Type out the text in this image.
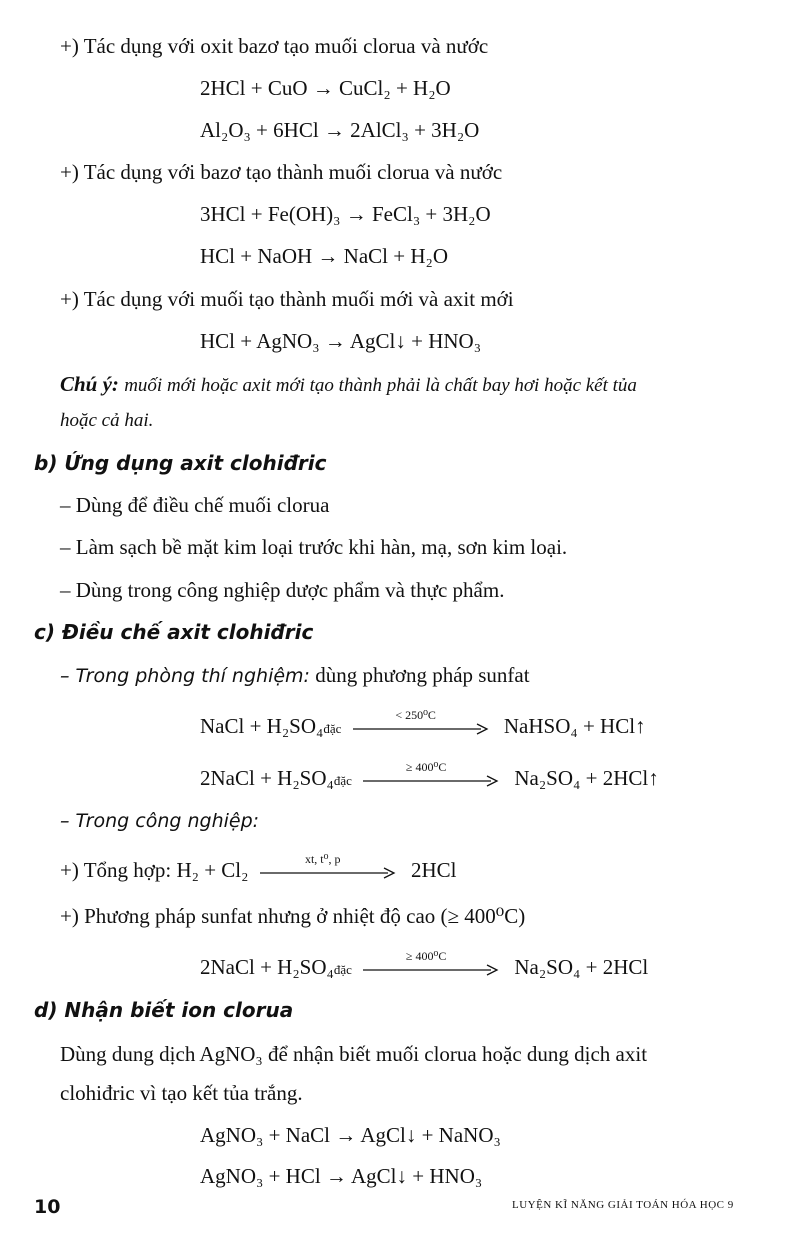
+) Tác dụng với oxit bazơ tạo muối clorua và nước
2HCl + CuO → CuCl₂ + H₂O
Al₂O₃ + 6HCl → 2AlCl₃ + 3H₂O
+) Tác dụng với bazơ tạo thành muối clorua và nước
3HCl + Fe(OH)₃ → FeCl₃ + 3H₂O
HCl + NaOH → NaCl + H₂O
+) Tác dụng với muối tạo thành muối mới và axit mới
HCl + AgNO₃ → AgCl↓ + HNO₃
Chú ý: muối mới hoặc axit mới tạo thành phải là chất bay hơi hoặc kết tủa
hoặc cả hai.
b) Ứng dụng axit clohiđric
– Dùng để điều chế muối clorua
– Làm sạch bề mặt kim loại trước khi hàn, mạ, sơn kim loại.
– Dùng trong công nghiệp dược phẩm và thực phẩm.
c) Điều chế axit clohiđric
– Trong phòng thí nghiệm: dùng phương pháp sunfat
NaCl + H₂SO₄đặc
< 250⁰C	NaHSO₄ + HCl↑
2NaCl + H₂SO₄đặc
≥ 400⁰C	Na₂SO₄ + 2HCl↑
– Trong công nghiệp:
+) Tổng hợp: H₂ + Cl₂	xt, t⁰, p	2HCl
+) Phương pháp sunfat nhưng ở nhiệt độ cao (≥ 400⁰C)
2NaCl + H₂SO₄đặc
≥ 400⁰C	Na₂SO₄ + 2HCl
d) Nhận biết ion clorua
Dùng dung dịch AgNO₃ để nhận biết muối clorua hoặc dung dịch axit
clohiđric vì tạo kết tủa trắng.
AgNO₃ + NaCl → AgCl↓ + NaNO₃
AgNO₃ + HCl → AgCl↓ + HNO₃
10	LUYỆN KĨ NĂNG GIẢI TOÁN HÓA HỌC 9
